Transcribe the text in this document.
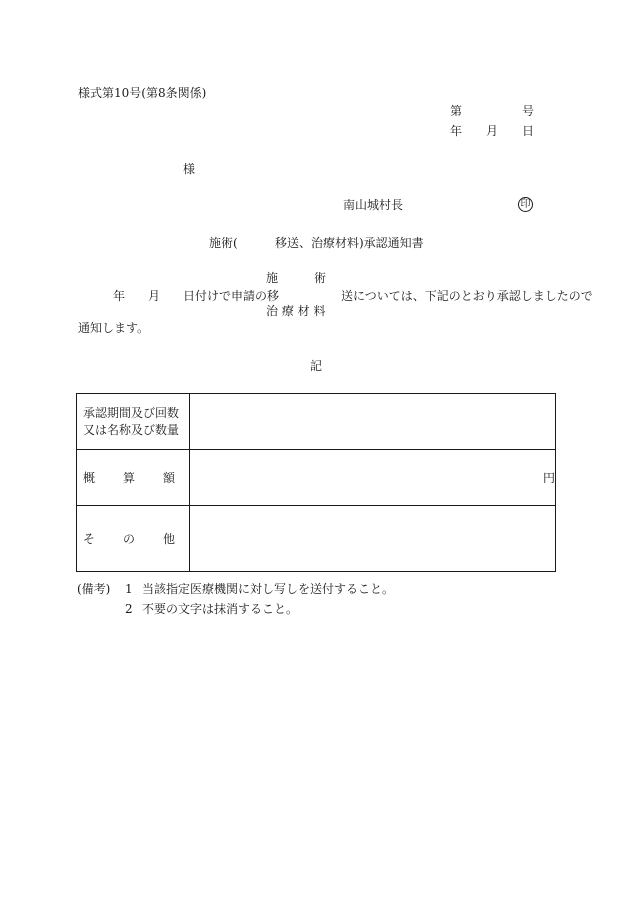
様式第10号(第8条関係)
第	号
年 月 日
様
南山城村長	印
施術(	移送、治療材料)承認通知書
施　　　術
年 月 日付けで申請の移	送については、下記のとおり承認しましたので
治 療 材 料
通知します。
記
承認期間及び回数
又は名称及び数量	

概 算 額	円

そ の 他	

(備考) 1 当該指定医療機関に対し写しを送付すること。
2 不要の文字は抹消すること。
